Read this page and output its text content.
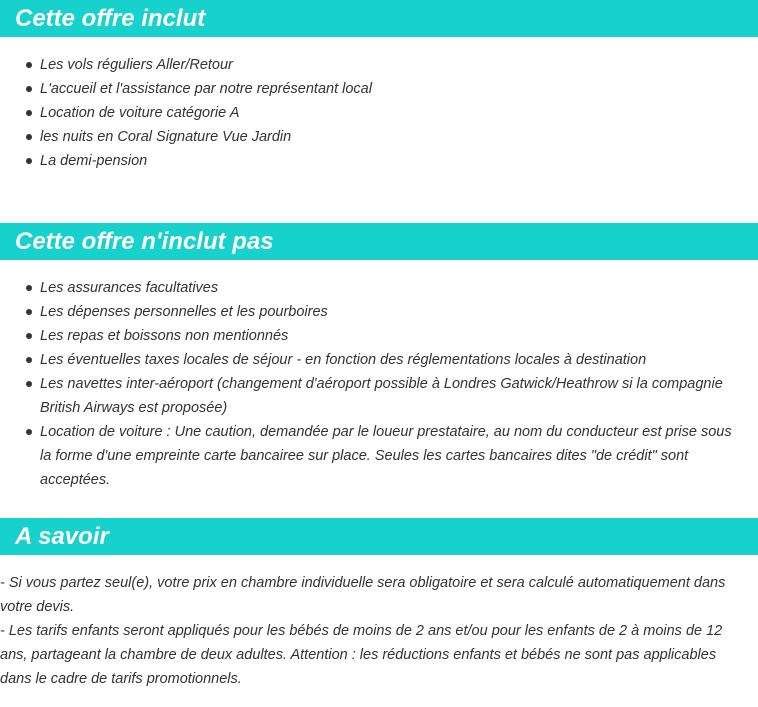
Cette offre inclut
Les vols réguliers Aller/Retour
L'accueil et l'assistance par notre représentant local
Location de voiture catégorie A
les nuits en Coral Signature Vue Jardin
La demi-pension
Cette offre n'inclut pas
Les assurances facultatives
Les dépenses personnelles et les pourboires
Les repas et boissons non mentionnés
Les éventuelles taxes locales de séjour - en fonction des réglementations locales à destination
Les navettes inter-aéroport (changement d'aéroport possible à Londres Gatwick/Heathrow si la compagnie British Airways est proposée)
Location de voiture : Une caution, demandée par le loueur prestataire, au nom du conducteur est prise sous la forme d'une empreinte carte bancairee sur place. Seules les cartes bancaires dites "de crédit" sont acceptées.
A savoir
- Si vous partez seul(e), votre prix en chambre individuelle sera obligatoire et sera calculé automatiquement dans votre devis.
- Les tarifs enfants seront appliqués pour les bébés de moins de 2 ans et/ou pour les enfants de 2 à moins de 12 ans, partageant la chambre de deux adultes. Attention : les réductions enfants et bébés ne sont pas applicables dans le cadre de tarifs promotionnels.
